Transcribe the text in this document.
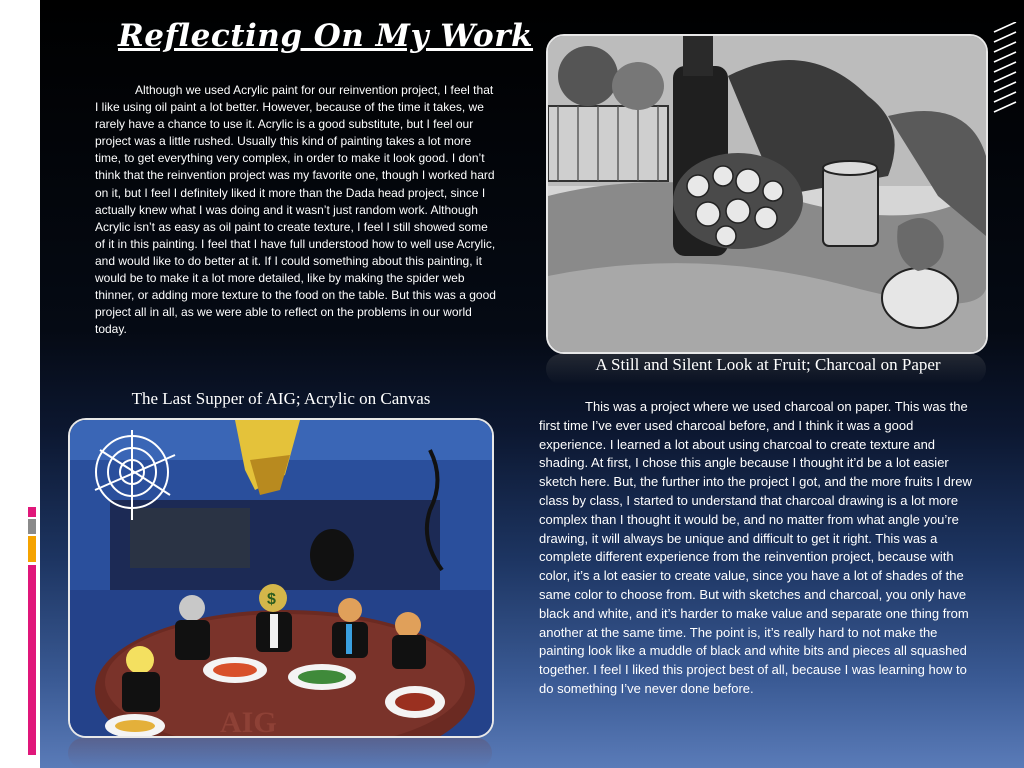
Reflecting On My Work

Although we used Acrylic paint for our reinvention project, I feel that I like using oil paint a lot better. However, because of the time it takes, we rarely have a chance to use it. Acrylic is a good substitute, but I feel our project was a little rushed. Usually this kind of painting takes a lot more time, to get everything very complex, in order to make it look good. I don’t think that the reinvention project was my favorite one, though I worked hard on it, but I feel I definitely liked it more than the Dada head project, since I actually knew what I was doing and it wasn’t just random work. Although Acrylic isn’t as easy as oil paint to create texture, I feel I still showed some of it in this painting. I feel that I have full understood how to well use Acrylic, and would like to do better at it. If I could something about this painting, it would be to make it a lot more detailed, like by making the spider web thinner, or adding more texture to the food on the table. But this was a good project all in all, as we were able to reflect on the problems in our world today.

The Last Supper of AIG; Acrylic on Canvas
$
AIG
A Still and Silent Look at Fruit; Charcoal on Paper

This was a project where we used charcoal on paper. This was the first time I’ve ever used charcoal before, and I think it was a good experience. I learned a lot about using charcoal to create texture and shading. At first, I chose this angle because I thought it’d be a lot easier sketch here. But, the further into the project I got, and the more fruits I drew class by class, I started to understand that charcoal drawing is a lot more complex than I thought it would be, and no matter from what angle you’re drawing, it will always be unique and difficult to get it right. This was a complete different experience from the reinvention project, because with color, it’s a lot easier to create value, since you have a lot of shades of the same color to choose from. But with sketches and charcoal, you only have black and white, and it’s harder to make value and separate one thing from another at the same time. The point is, it’s really hard to not make the painting look like a muddle of black and white bits and pieces all squashed together. I feel I liked this project best of all, because I was learning how to do something I’ve never done before.
